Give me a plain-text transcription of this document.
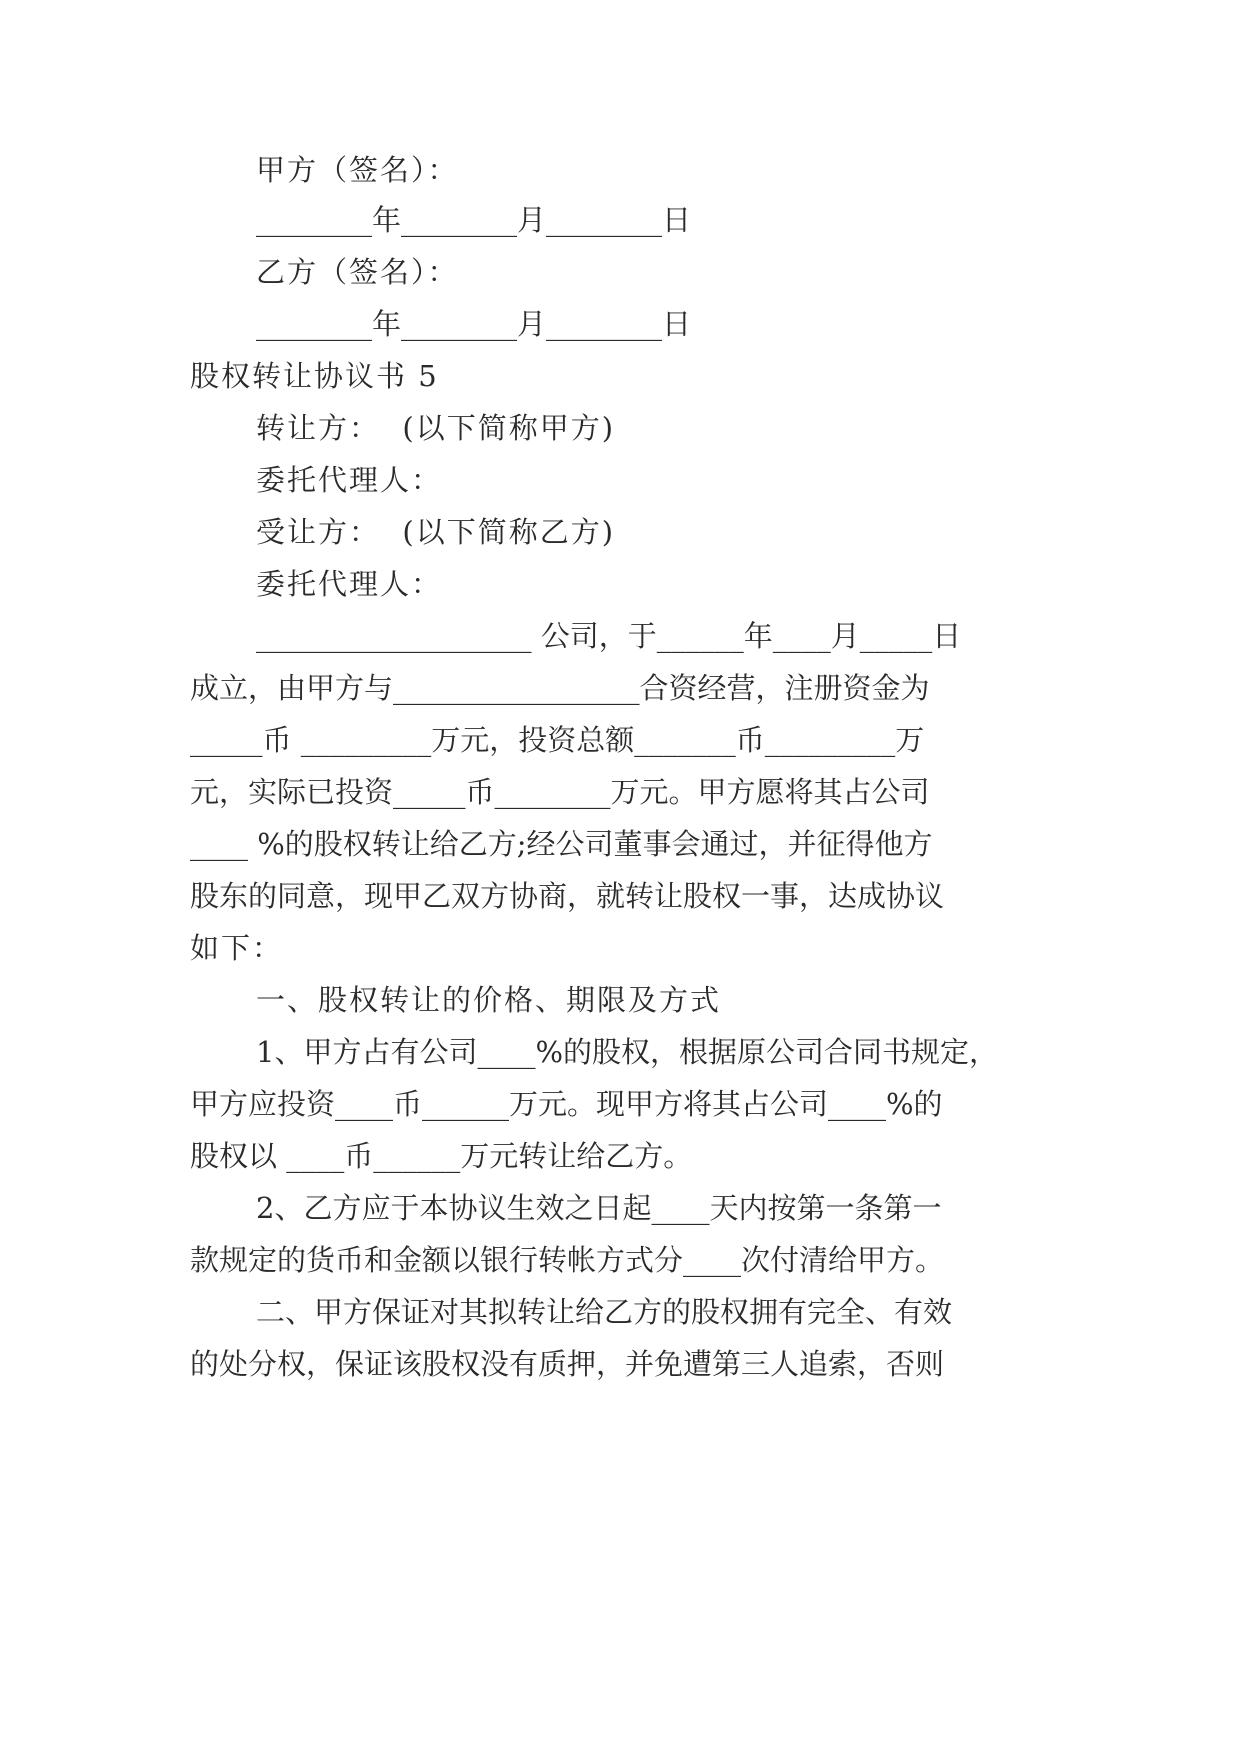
甲方（签名）：
________年________月________日
乙方（签名）：
________年________月________日
股权转让协议书 5
转让方：  (以下简称甲方)
委托代理人：
受让方：  (以下简称乙方)
委托代理人：
___________________ 公司，于______年____月_____日
成立，由甲方与_________________合资经营，注册资金为
_____币 _________万元，投资总额_______币_________万
元，实际已投资_____币________万元。甲方愿将其占公司
____ %的股权转让给乙方;经公司董事会通过，并征得他方
股东的同意，现甲乙双方协商，就转让股权一事，达成协议
如下：
一、股权转让的价格、期限及方式
1、甲方占有公司____%的股权，根据原公司合同书规定，
甲方应投资____币______万元。现甲方将其占公司____%的
股权以 ____币______万元转让给乙方。
2、乙方应于本协议生效之日起____天内按第一条第一
款规定的货币和金额以银行转帐方式分____次付清给甲方。
二、甲方保证对其拟转让给乙方的股权拥有完全、有效
的处分权，保证该股权没有质押，并免遭第三人追索，否则
